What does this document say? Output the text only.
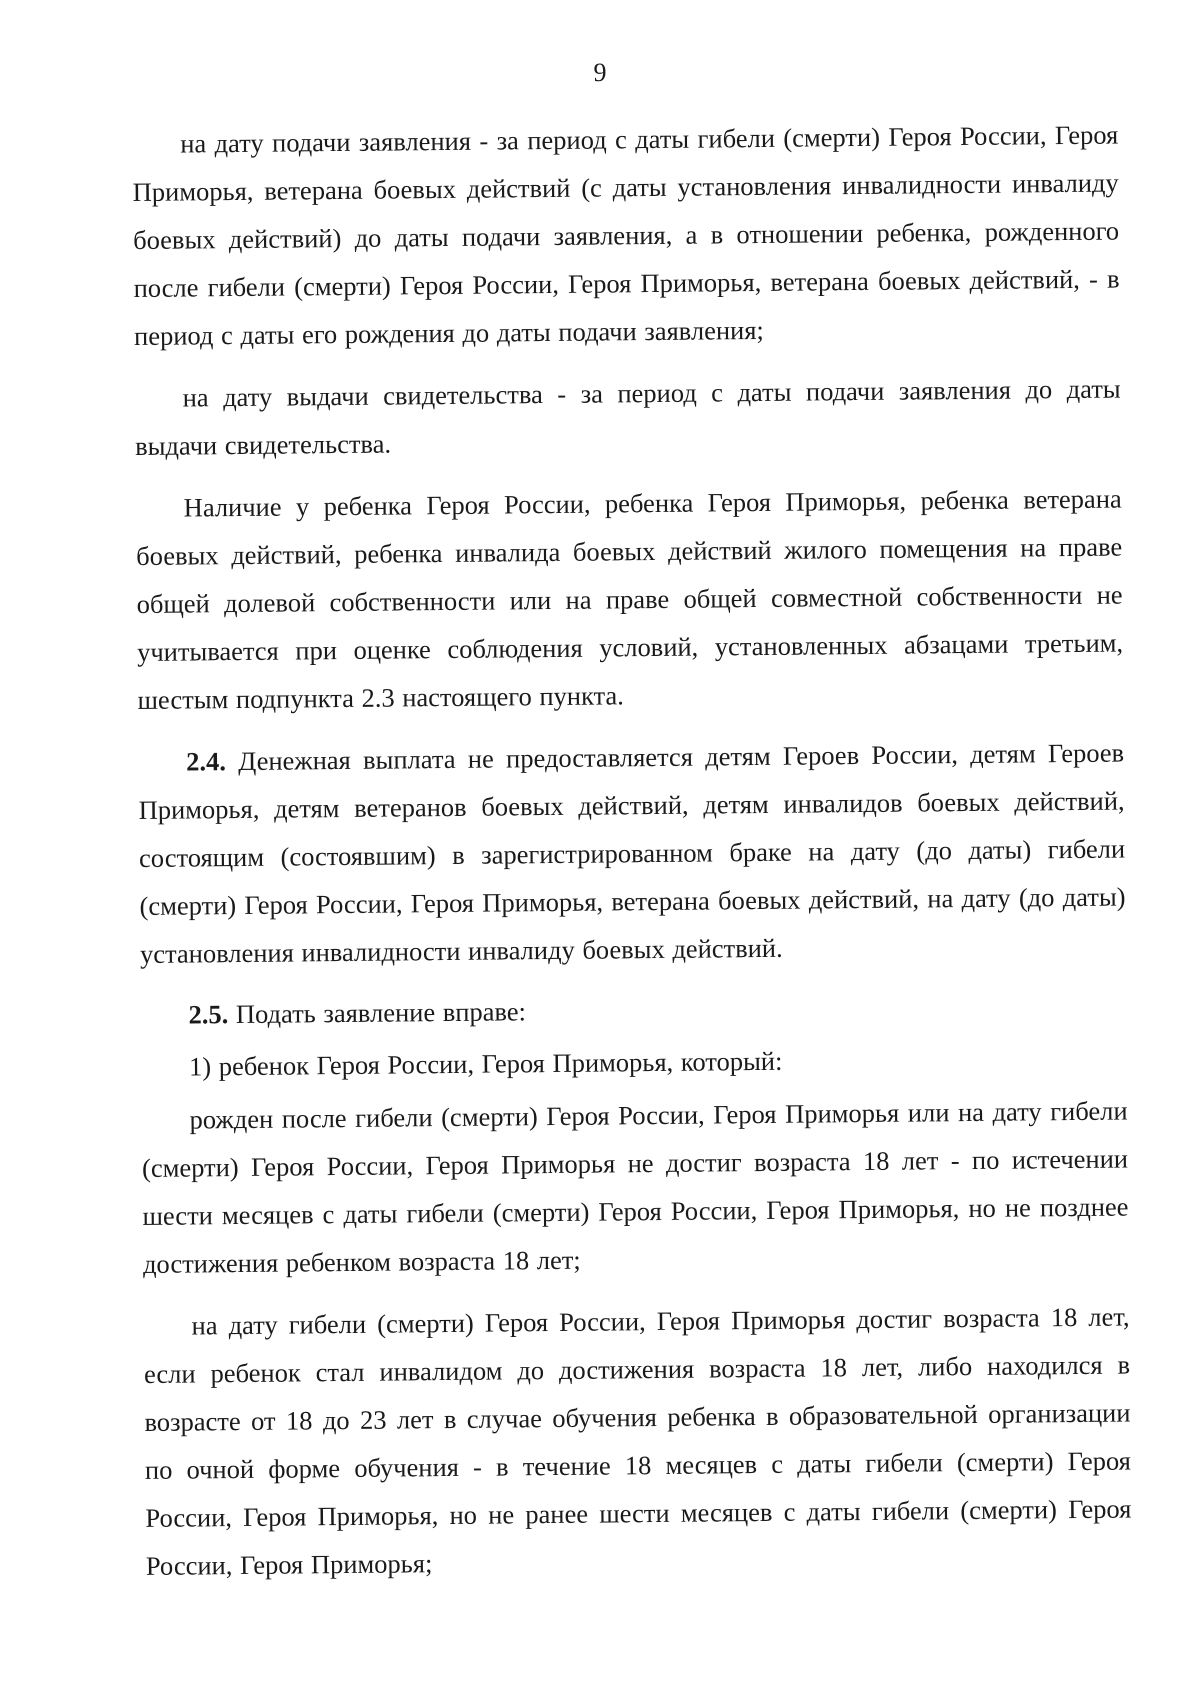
9

на дату подачи заявления - за период с даты гибели (смерти) Героя России, Героя Приморья, ветерана боевых действий (с даты установления инвалидности инвалиду боевых действий) до даты подачи заявления, а в отношении ребенка, рожденного после гибели (смерти) Героя России, Героя Приморья, ветерана боевых действий, - в период с даты его рождения до даты подачи заявления;

на дату выдачи свидетельства - за период с даты подачи заявления до даты выдачи свидетельства.

Наличие у ребенка Героя России, ребенка Героя Приморья, ребенка ветерана боевых действий, ребенка инвалида боевых действий жилого помещения на праве общей долевой собственности или на праве общей совместной собственности не учитывается при оценке соблюдения условий, установленных абзацами третьим, шестым подпункта 2.3 настоящего пункта.

2.4. Денежная выплата не предоставляется детям Героев России, детям Героев Приморья, детям ветеранов боевых действий, детям инвалидов боевых действий, состоящим (состоявшим) в зарегистрированном браке на дату (до даты) гибели (смерти) Героя России, Героя Приморья, ветерана боевых действий, на дату (до даты) установления инвалидности инвалиду боевых действий.

2.5. Подать заявление вправе:

1) ребенок Героя России, Героя Приморья, который:

рожден после гибели (смерти) Героя России, Героя Приморья или на дату гибели (смерти) Героя России, Героя Приморья не достиг возраста 18 лет - по истечении шести месяцев с даты гибели (смерти) Героя России, Героя Приморья, но не позднее достижения ребенком возраста 18 лет;

на дату гибели (смерти) Героя России, Героя Приморья достиг возраста 18 лет, если ребенок стал инвалидом до достижения возраста 18 лет, либо находился в возрасте от 18 до 23 лет в случае обучения ребенка в образовательной организации по очной форме обучения - в течение 18 месяцев с даты гибели (смерти) Героя России, Героя Приморья, но не ранее шести месяцев с даты гибели (смерти) Героя России, Героя Приморья;
